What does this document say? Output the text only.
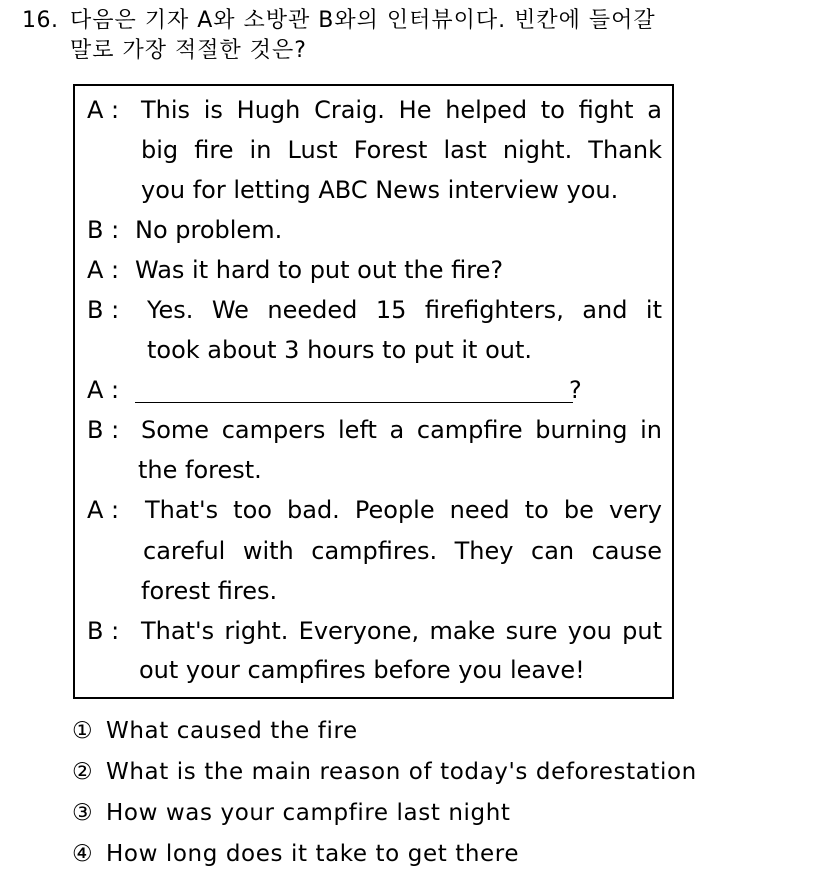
16. 다음은 기자 A와 소방관 B와의 인터뷰이다. 빈칸에 들어갈
말로 가장 적절한 것은?
A : This is Hugh Craig. He helped to fight a
big fire in Lust Forest last night. Thank
you for letting ABC News interview you.
B : No problem.
A : Was it hard to put out the fire?
B : Yes. We needed 15 firefighters, and it
took about 3 hours to put it out.
A :	?
B : Some campers left a campfire burning in
the forest.
A : That's too bad. People need to be very
careful with campfires. They can cause
forest fires.
B : That's right. Everyone, make sure you put
out your campfires before you leave!
① What caused the fire
② What is the main reason of today's deforestation
③ How was your campfire last night
④ How long does it take to get there
